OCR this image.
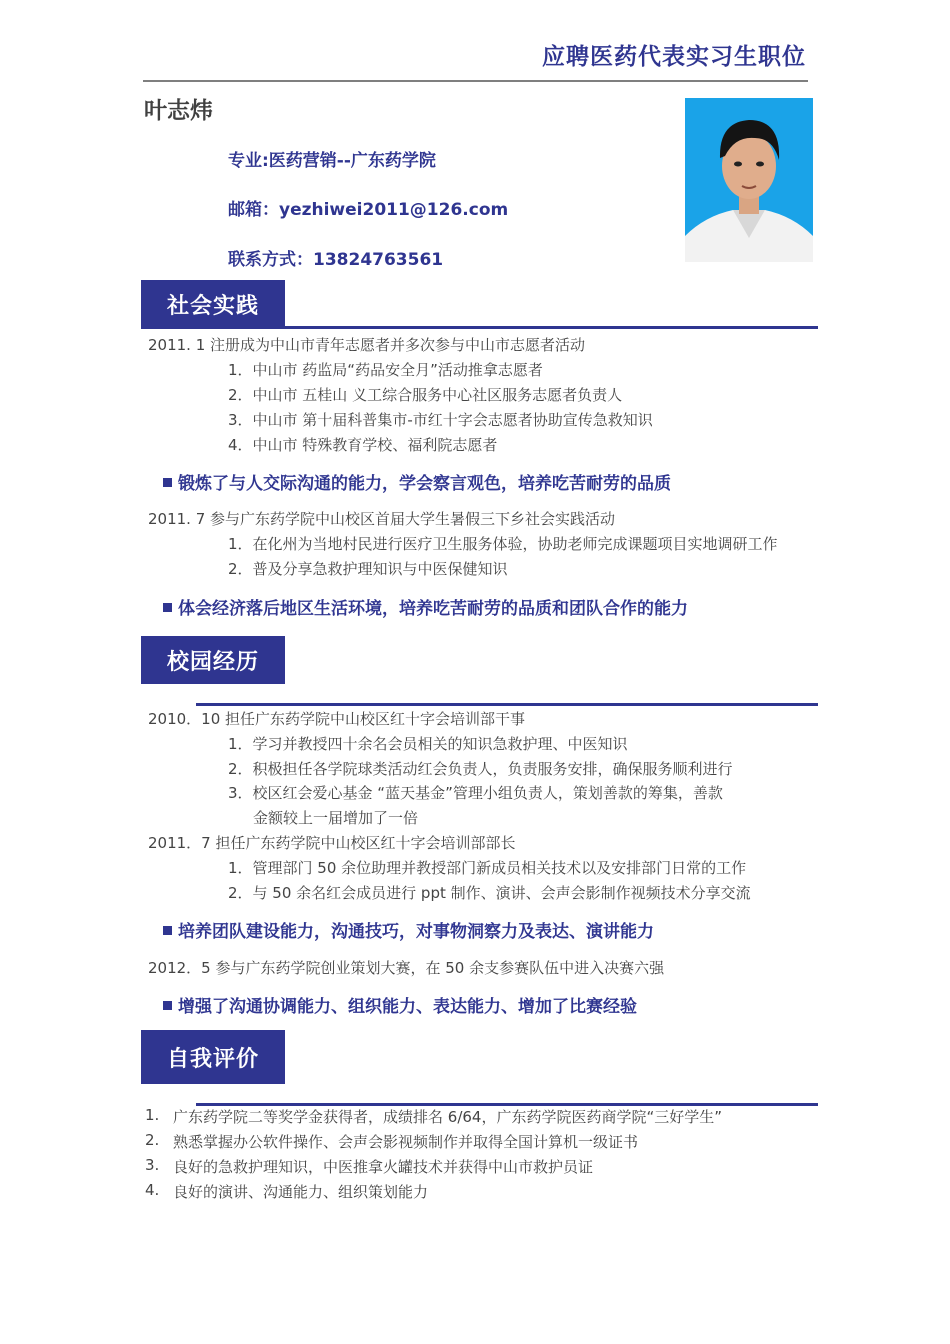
应聘医药代表实习生职位
叶志炜
专业:医药营销--广东药学院
邮箱：yezhiwei2011@126.com
联系方式：13824763561
社会实践
2011. 1 注册成为中山市青年志愿者并多次参与中山市志愿者活动
1．中山市 药监局“药品安全月”活动推拿志愿者
2．中山市 五桂山 义工综合服务中心社区服务志愿者负责人
3．中山市 第十届科普集市-市红十字会志愿者协助宣传急救知识
4．中山市 特殊教育学校、福利院志愿者
锻炼了与人交际沟通的能力，学会察言观色，培养吃苦耐劳的品质
2011. 7 参与广东药学院中山校区首届大学生暑假三下乡社会实践活动
1．在化州为当地村民进行医疗卫生服务体验，协助老师完成课题项目实地调研工作
2．普及分享急救护理知识与中医保健知识
体会经济落后地区生活环境，培养吃苦耐劳的品质和团队合作的能力
校园经历
2010．10 担任广东药学院中山校区红十字会培训部干事
1．学习并教授四十余名会员相关的知识急救护理、中医知识
2．积极担任各学院球类活动红会负责人，负责服务安排，确保服务顺利进行
3．校区红会爱心基金 “蓝天基金”管理小组负责人，策划善款的筹集，善款
金额较上一届增加了一倍
2011．7 担任广东药学院中山校区红十字会培训部部长
1．管理部门 50 余位助理并教授部门新成员相关技术以及安排部门日常的工作
2．与 50 余名红会成员进行 ppt 制作、演讲、会声会影制作视频技术分享交流
培养团队建设能力，沟通技巧，对事物洞察力及表达、演讲能力
2012．5 参与广东药学院创业策划大赛，在 50 余支参赛队伍中进入决赛六强
增强了沟通协调能力、组织能力、表达能力、增加了比赛经验
自我评价
1. 广东药学院二等奖学金获得者，成绩排名 6/64，广东药学院医药商学院“三好学生”
2. 熟悉掌握办公软件操作、会声会影视频制作并取得全国计算机一级证书
3. 良好的急救护理知识，中医推拿火罐技术并获得中山市救护员证
4. 良好的演讲、沟通能力、组织策划能力
